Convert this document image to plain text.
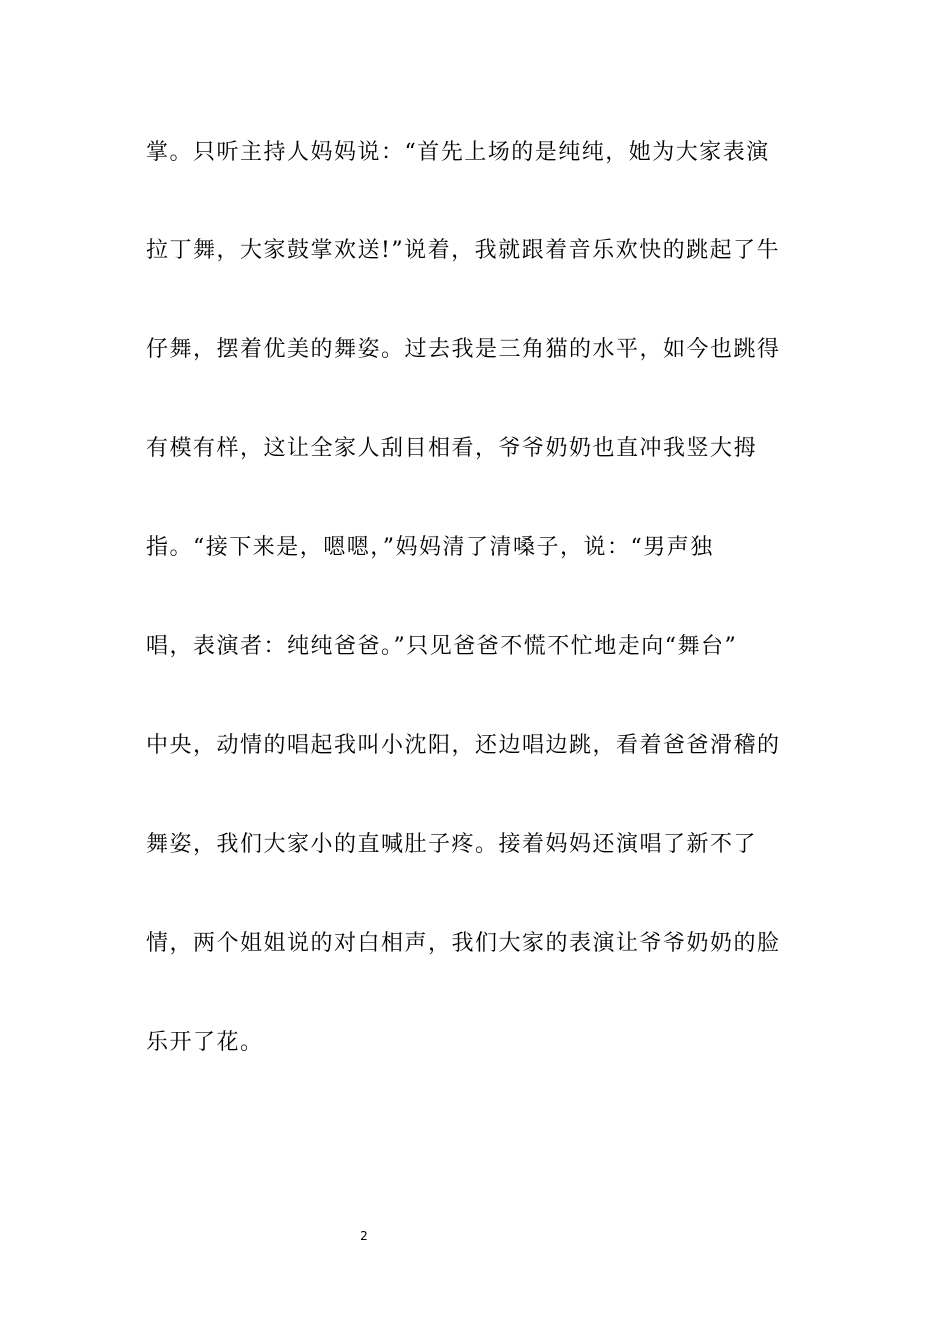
掌。只听主持人妈妈说：“首先上场的是纯纯，她为大家表演
拉丁舞，大家鼓掌欢送!”说着，我就跟着音乐欢快的跳起了牛
仔舞，摆着优美的舞姿。过去我是三角猫的水平，如今也跳得
有模有样，这让全家人刮目相看，爷爷奶奶也直冲我竖大拇
指。“接下来是，嗯嗯，”妈妈清了清嗓子，说：“男声独
唱，表演者：纯纯爸爸。”只见爸爸不慌不忙地走向“舞台”
中央，动情的唱起我叫小沈阳，还边唱边跳，看着爸爸滑稽的
舞姿，我们大家小的直喊肚子疼。接着妈妈还演唱了新不了
情，两个姐姐说的对白相声，我们大家的表演让爷爷奶奶的脸
乐开了花。
2
